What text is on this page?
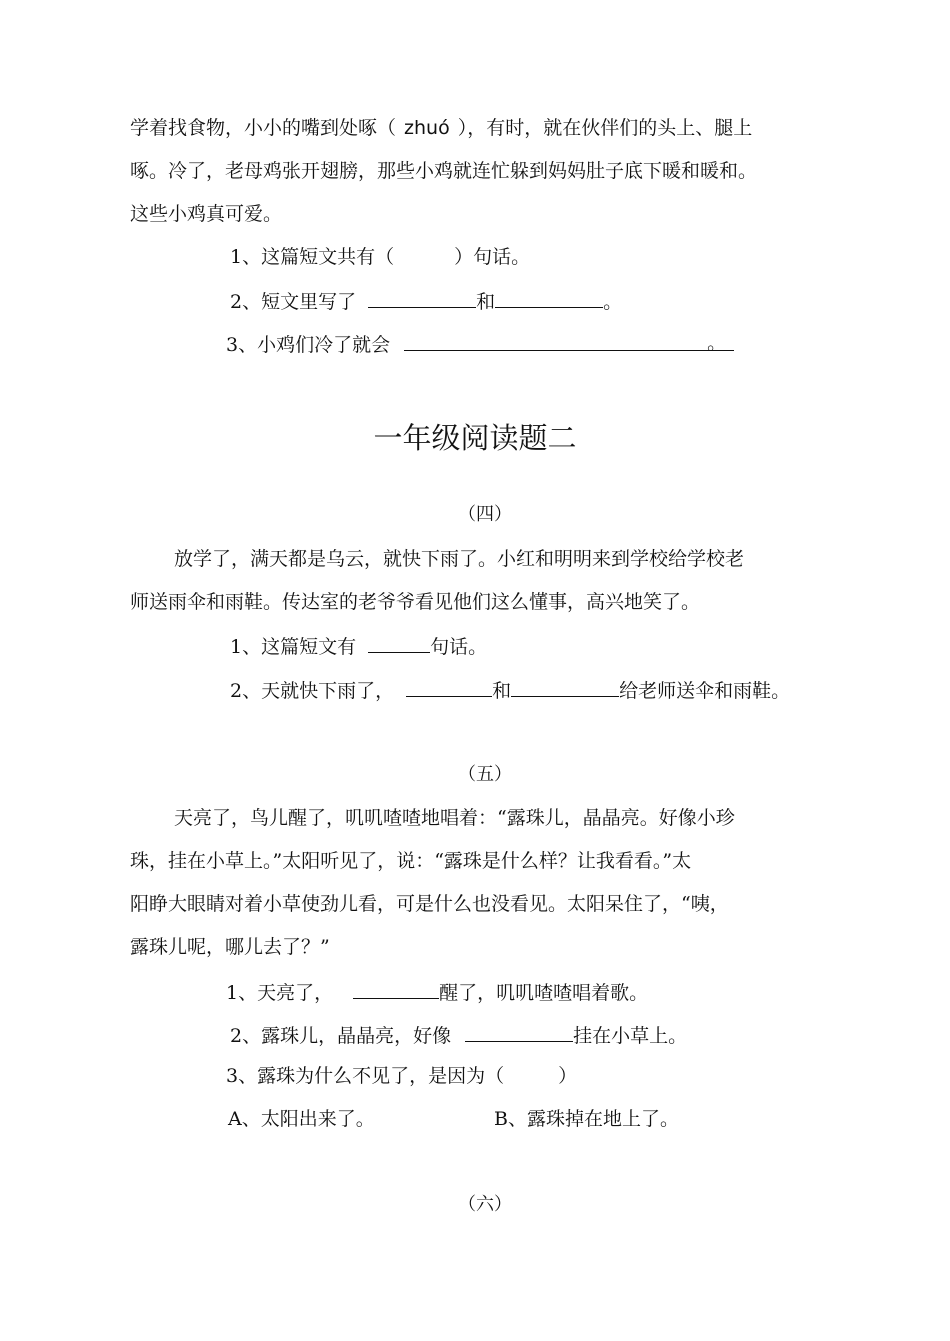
学着找食物，小小的嘴到处啄（ zhuó ），有时，就在伙伴们的头上、腿上
啄。冷了，老母鸡张开翅膀，那些小鸡就连忙躲到妈妈肚子底下暖和暖和。
这些小鸡真可爱。
1、这篇短文共有（	）句话。
2、短文里写了	和	。
3、小鸡们冷了就会	。
一年级阅读题二
（四）
放学了，满天都是乌云，就快下雨了。小红和明明来到学校给学校老
师送雨伞和雨鞋。传达室的老爷爷看见他们这么懂事，高兴地笑了。
1、这篇短文有	句话。
2、天就快下雨了，	和	给老师送伞和雨鞋。
（五）
天亮了，鸟儿醒了，叽叽喳喳地唱着：“露珠儿，晶晶亮。好像小珍
珠，挂在小草上。”太阳听见了，说：“露珠是什么样？让我看看。”太
阳睁大眼睛对着小草使劲儿看，可是什么也没看见。太阳呆住了，“咦，
露珠儿呢，哪儿去了？”
1、天亮了，	醒了，叽叽喳喳唱着歌。
2、露珠儿，晶晶亮，好像	挂在小草上。
3、露珠为什么不见了，是因为（	）
A、太阳出来了。	B、露珠掉在地上了。
（六）
